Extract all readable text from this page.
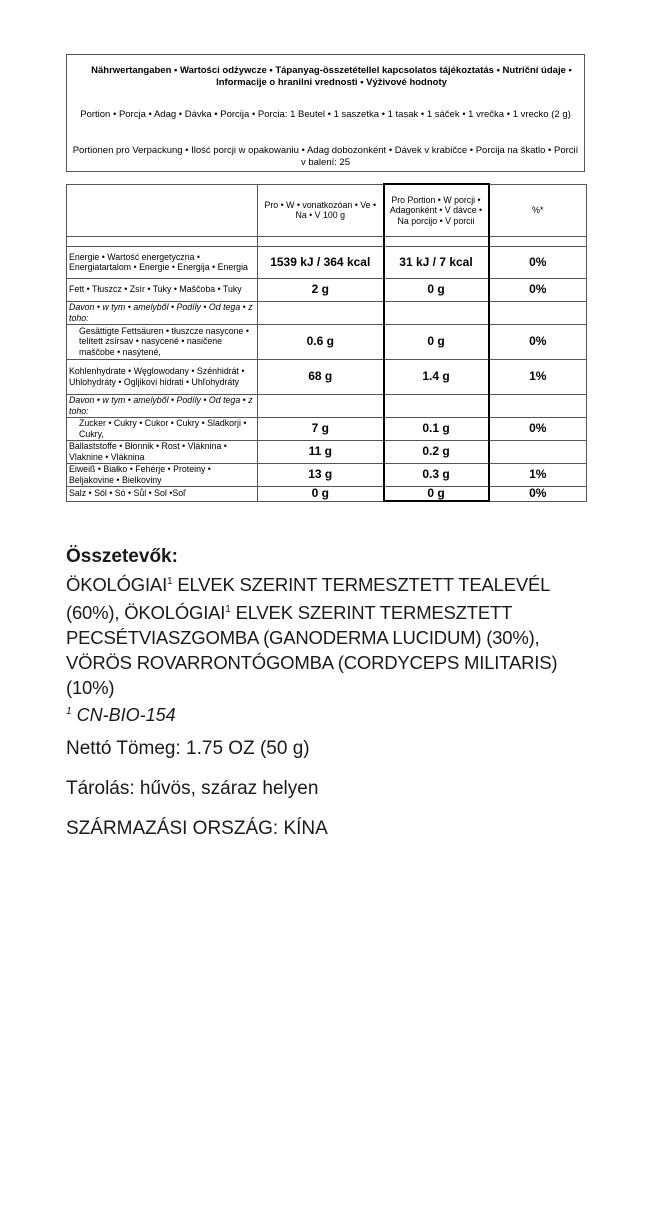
Nährwertangaben • Wartości odżywcze • Tápanyag-összetétellel kapcsolatos tájékoztatás • Nutriční údaje • Informacije o hranilni vrednosti • Výživové hodnoty

Portion • Porcja • Adag • Dávka • Porcija • Porcia: 1 Beutel • 1 saszetka • 1 tasak • 1 sáček • 1 vrečka • 1 vrecko (2 g)

Portionen pro Verpackung • Ilość porcji w opakowaniu • Adag dobozonként • Dávek v krabičce • Porcija na škatlo • Porcií v balení: 25

	Pro • W • vonatkozóan • Ve • Na • V 100 g	Pro Portion • W porcji • Adagonként • V dávce • Na porcijo • V porcii	%*

Energie • Wartość energetyczna • Energiatartalom • Energie • Energija • Energia	1539 kJ / 364 kcal	31 kJ / 7 kcal	0%
Fett • Tłuszcz • Zsír • Tuky • Maščoba • Tuky	2 g	0 g	0%
Davon • w tym • amelyből • Podíly • Od tega • z toho:			
Gesättigte Fettsäuren • tłuszcze nasycone • telített zsírsav • nasycené • nasičene maščobe • nasýtené,	0.6 g	0 g	0%
Kohlenhydrate • Węglowodany • Szénhidrát • Uhlohydráty • Ogljikovi hidrati • Uhľohydráty	68 g	1.4 g	1%
Davon • w tym • amelyből • Podíly • Od tega • z toho:			
Zucker • Cukry • Cukor • Cukry • Sladkorji • Cukry,	7 g	0.1 g	0%
Ballaststoffe • Błonnik • Rost • Vláknina • Vlaknine • Vláknina	11 g	0.2 g	
Eiweiß • Białko • Fehérje • Proteiny • Beljakovine • Bielkoviny	13 g	0.3 g	1%
Salz • Sól • Só • Sůl • Sol •Soľ	0 g	0 g	0%

Összetevők:

ÖKOLÓGIAI$^1$ ELVEK SZERINT TERMESZTETT TEALEVÉL (60%), ÖKOLÓGIAI$^1$ ELVEK SZERINT TERMESZTETT PECSÉTVIASZGOMBA (GANODERMA LUCIDUM) (30%), VÖRÖS ROVARRONTÓGOMBA (CORDYCEPS MILITARIS) (10%)

$^1$ CN-BIO-154

Nettó Tömeg: 1.75 OZ (50 g)

Tárolás: hűvös, száraz helyen

SZÁRMAZÁSI ORSZÁG: KÍNA
